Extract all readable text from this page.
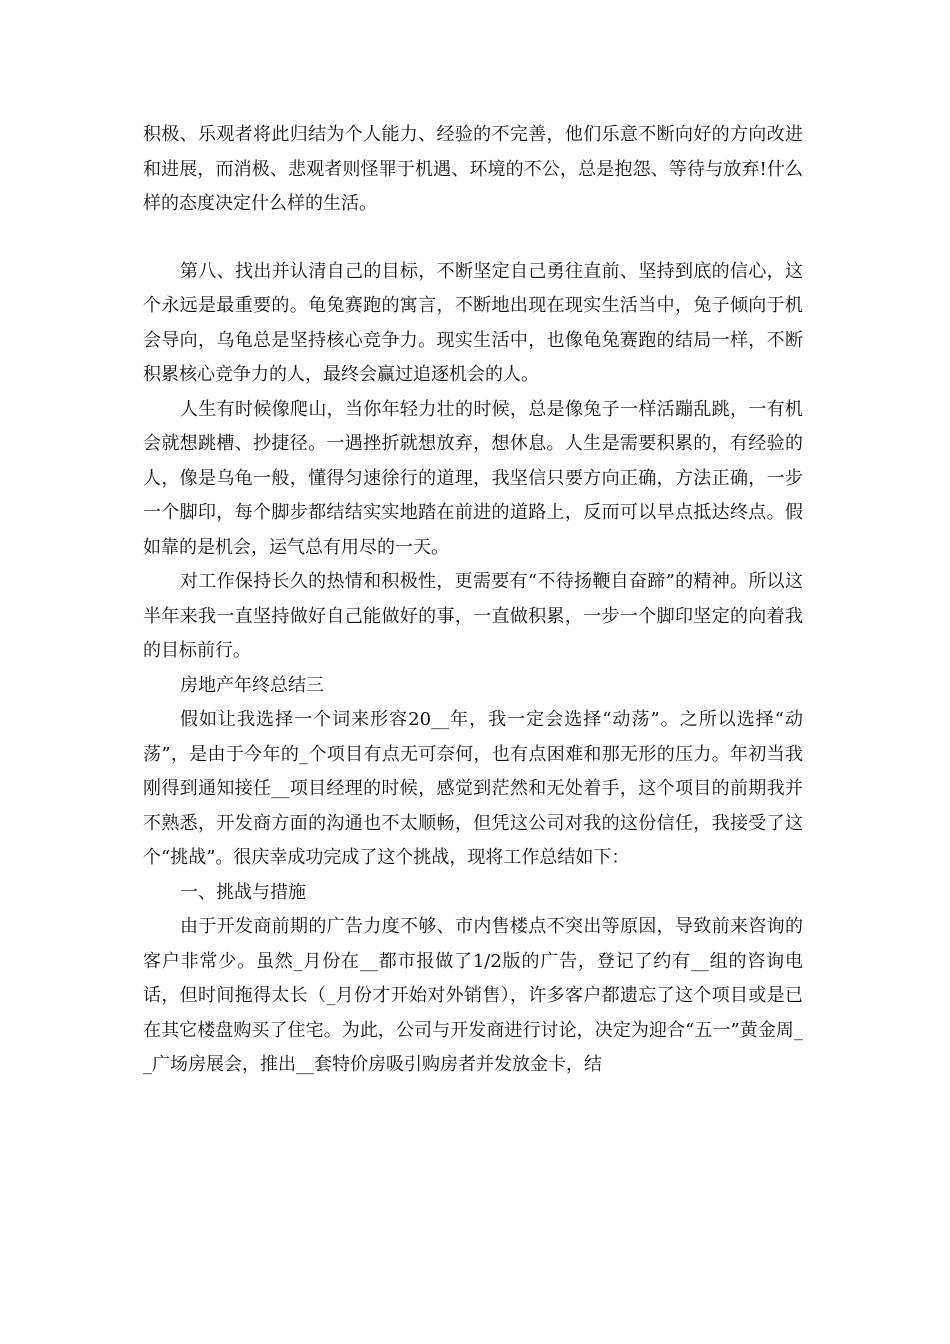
积极、乐观者将此归结为个人能力、经验的不完善，他们乐意不断向好的方向改进和进展，而消极、悲观者则怪罪于机遇、环境的不公，总是抱怨、等待与放弃!什么样的态度决定什么样的生活。

第八、找出并认清自己的目标，不断坚定自己勇往直前、坚持到底的信心，这个永远是最重要的。龟兔赛跑的寓言，不断地出现在现实生活当中，兔子倾向于机会导向，乌龟总是坚持核心竞争力。现实生活中，也像龟兔赛跑的结局一样，不断积累核心竞争力的人，最终会赢过追逐机会的人。

人生有时候像爬山，当你年轻力壮的时候，总是像兔子一样活蹦乱跳，一有机会就想跳槽、抄捷径。一遇挫折就想放弃，想休息。人生是需要积累的，有经验的人，像是乌龟一般，懂得匀速徐行的道理，我坚信只要方向正确，方法正确，一步一个脚印，每个脚步都结结实实地踏在前进的道路上，反而可以早点抵达终点。假如靠的是机会，运气总有用尽的一天。

对工作保持长久的热情和积极性，更需要有“不待扬鞭自奋蹄”的精神。所以这半年来我一直坚持做好自己能做好的事，一直做积累，一步一个脚印坚定的向着我的目标前行。

房地产年终总结三

假如让我选择一个词来形容20__年，我一定会选择“动荡”。之所以选择“动荡”，是由于今年的_个项目有点无可奈何，也有点困难和那无形的压力。年初当我刚得到通知接任__项目经理的时候，感觉到茫然和无处着手，这个项目的前期我并不熟悉，开发商方面的沟通也不太顺畅，但凭这公司对我的这份信任，我接受了这个“挑战”。很庆幸成功完成了这个挑战，现将工作总结如下：

一、挑战与措施

由于开发商前期的广告力度不够、市内售楼点不突出等原因，导致前来咨询的客户非常少。虽然_月份在__都市报做了1/2版的广告，登记了约有__组的咨询电话，但时间拖得太长（_月份才开始对外销售），许多客户都遗忘了这个项目或是已在其它楼盘购买了住宅。为此，公司与开发商进行讨论，决定为迎合“五一”黄金周__广场房展会，推出__套特价房吸引购房者并发放金卡，结
